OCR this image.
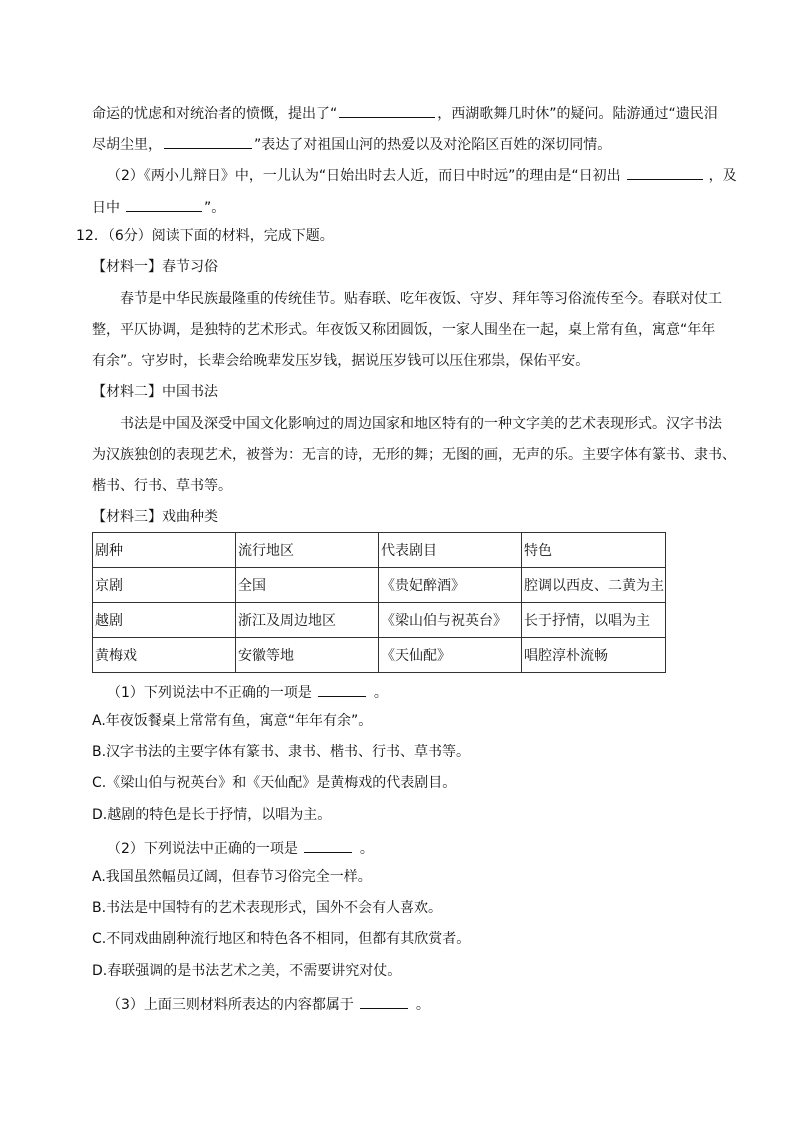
命运的忧虑和对统治者的愤慨，提出了“	，西湖歌舞几时休”的疑问。陆游通过“遗民泪
尽胡尘里，	”表达了对祖国山河的热爱以及对沦陷区百姓的深切同情。
（2）《两小儿辩日》中，一儿认为“日始出时去人近，而日中时远”的理由是“日初出	，及
日中	”。
12．（6分）阅读下面的材料，完成下题。
【材料一】春节习俗
春节是中华民族最隆重的传统佳节。贴春联、吃年夜饭、守岁、拜年等习俗流传至今。春联对仗工
整，平仄协调，是独特的艺术形式。年夜饭又称团圆饭，一家人围坐在一起，桌上常有鱼，寓意“年年
有余”。守岁时，长辈会给晚辈发压岁钱，据说压岁钱可以压住邪祟，保佑平安。
【材料二】中国书法
书法是中国及深受中国文化影响过的周边国家和地区特有的一种文字美的艺术表现形式。汉字书法
为汉族独创的表现艺术，被誉为：无言的诗，无形的舞；无图的画，无声的乐。主要字体有篆书、隶书、
楷书、行书、草书等。
【材料三】戏曲种类
剧种	流行地区	代表剧目	特色
京剧	全国	《贵妃醉酒》	腔调以西皮、二黄为主
越剧	浙江及周边地区	《梁山伯与祝英台》	长于抒情，以唱为主
黄梅戏	安徽等地	《天仙配》	唱腔淳朴流畅
（1）下列说法中不正确的一项是	。
A.年夜饭餐桌上常常有鱼，寓意“年年有余”。
B.汉字书法的主要字体有篆书、隶书、楷书、行书、草书等。
C.《梁山伯与祝英台》和《天仙配》是黄梅戏的代表剧目。
D.越剧的特色是长于抒情，以唱为主。
（2）下列说法中正确的一项是	。
A.我国虽然幅员辽阔，但春节习俗完全一样。
B.书法是中国特有的艺术表现形式，国外不会有人喜欢。
C.不同戏曲剧种流行地区和特色各不相同，但都有其欣赏者。
D.春联强调的是书法艺术之美，不需要讲究对仗。
（3）上面三则材料所表达的内容都属于	。
